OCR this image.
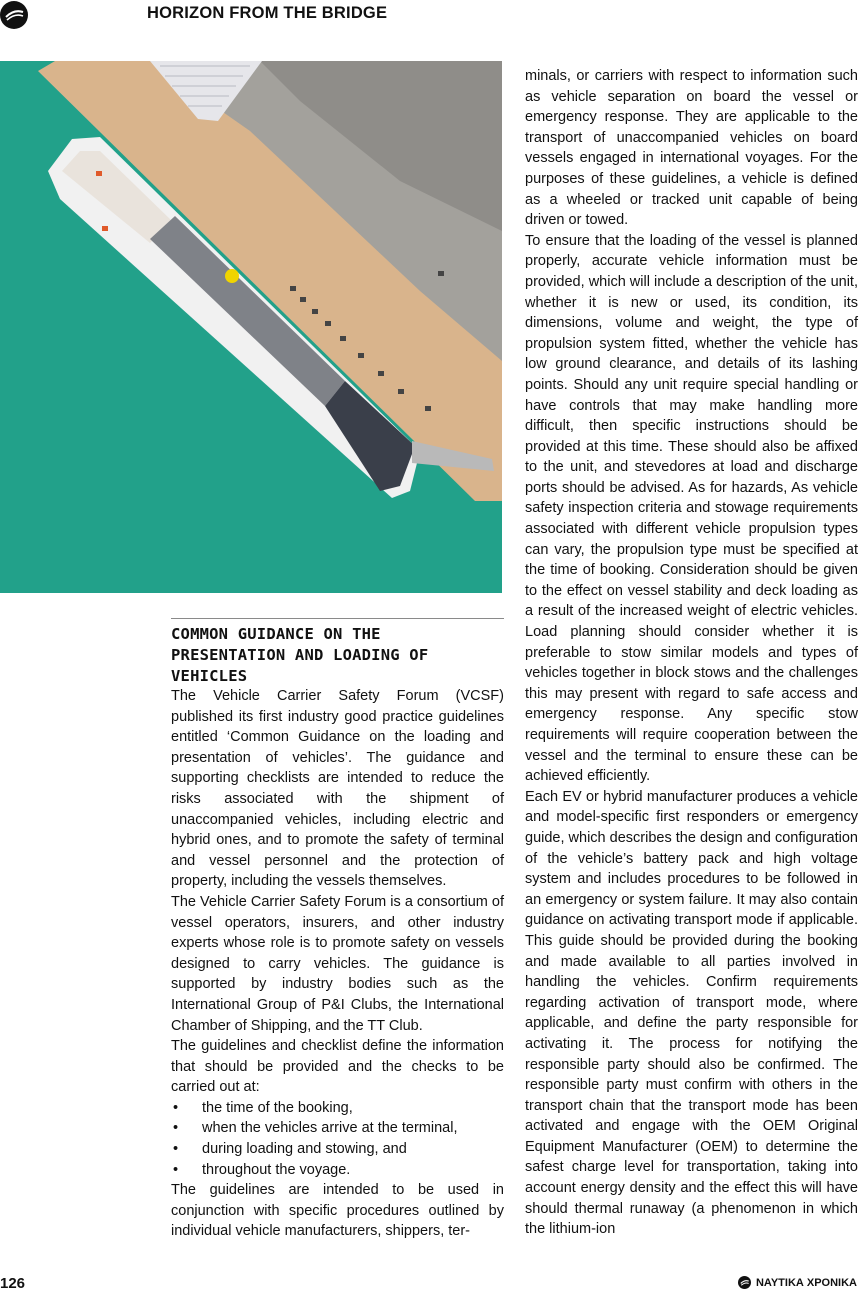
HORIZON FROM THE BRIDGE
COMMON GUIDANCE ON THE PRESENTATION AND LOADING OF VEHICLES

The Vehicle Carrier Safety Forum (VCSF) published its first industry good practice guidelines entitled ‘Common Guidance on the loading and presentation of vehicles’. The guidance and supporting checklists are intended to reduce the risks associated with the shipment of unaccompanied vehicles, including electric and hybrid ones, and to promote the safety of terminal and vessel personnel and the protection of property, including the vessels themselves.

The Vehicle Carrier Safety Forum is a consortium of vessel operators, insurers, and other industry experts whose role is to promote safety on vessels designed to carry vehicles. The guidance is supported by industry bodies such as the International Group of P&I Clubs, the International Chamber of Shipping, and the TT Club.

The guidelines and checklist define the information that should be provided and the checks to be carried out at:

• the time of the booking,
• when the vehicles arrive at the terminal,
• during loading and stowing, and
• throughout the voyage.

The guidelines are intended to be used in conjunction with specific procedures outlined by individual vehicle manufacturers, shippers, ter-

minals, or carriers with respect to information such as vehicle separation on board the vessel or emergency response. They are applicable to the transport of unaccompanied vehicles on board vessels engaged in international voyages. For the purposes of these guidelines, a vehicle is defined as a wheeled or tracked unit capable of being driven or towed.

To ensure that the loading of the vessel is planned properly, accurate vehicle information must be provided, which will include a description of the unit, whether it is new or used, its condition, its dimensions, volume and weight, the type of propulsion system fitted, whether the vehicle has low ground clearance, and details of its lashing points. Should any unit require special handling or have controls that may make handling more difficult, then specific instructions should be provided at this time. These should also be affixed to the unit, and stevedores at load and discharge ports should be advised. As for hazards, As vehicle safety inspection criteria and stowage requirements associated with different vehicle propulsion types can vary, the propulsion type must be specified at the time of booking. Consideration should be given to the effect on vessel stability and deck loading as a result of the increased weight of electric vehicles. Load planning should consider whether it is preferable to stow similar models and types of vehicles together in block stows and the challenges this may present with regard to safe access and emergency response. Any specific stow requirements will require cooperation between the vessel and the terminal to ensure these can be achieved efficiently.

Each EV or hybrid manufacturer produces a vehicle and model-specific first responders or emergency guide, which describes the design and configuration of the vehicle’s battery pack and high voltage system and includes procedures to be followed in an emergency or system failure. It may also contain guidance on activating transport mode if applicable. This guide should be provided during the booking and made available to all parties involved in handling the vehicles. Confirm requirements regarding activation of transport mode, where applicable, and define the party responsible for activating it. The process for notifying the responsible party should also be confirmed. The responsible party must confirm with others in the transport chain that the transport mode has been activated and engage with the OEM Original Equipment Manufacturer (OEM) to determine the safest charge level for transportation, taking into account energy density and the effect this will have should thermal runaway (a phenomenon in which the lithium-ion

126	ΝΑΥΤΙΚΑ ΧΡΟΝΙΚΑ
